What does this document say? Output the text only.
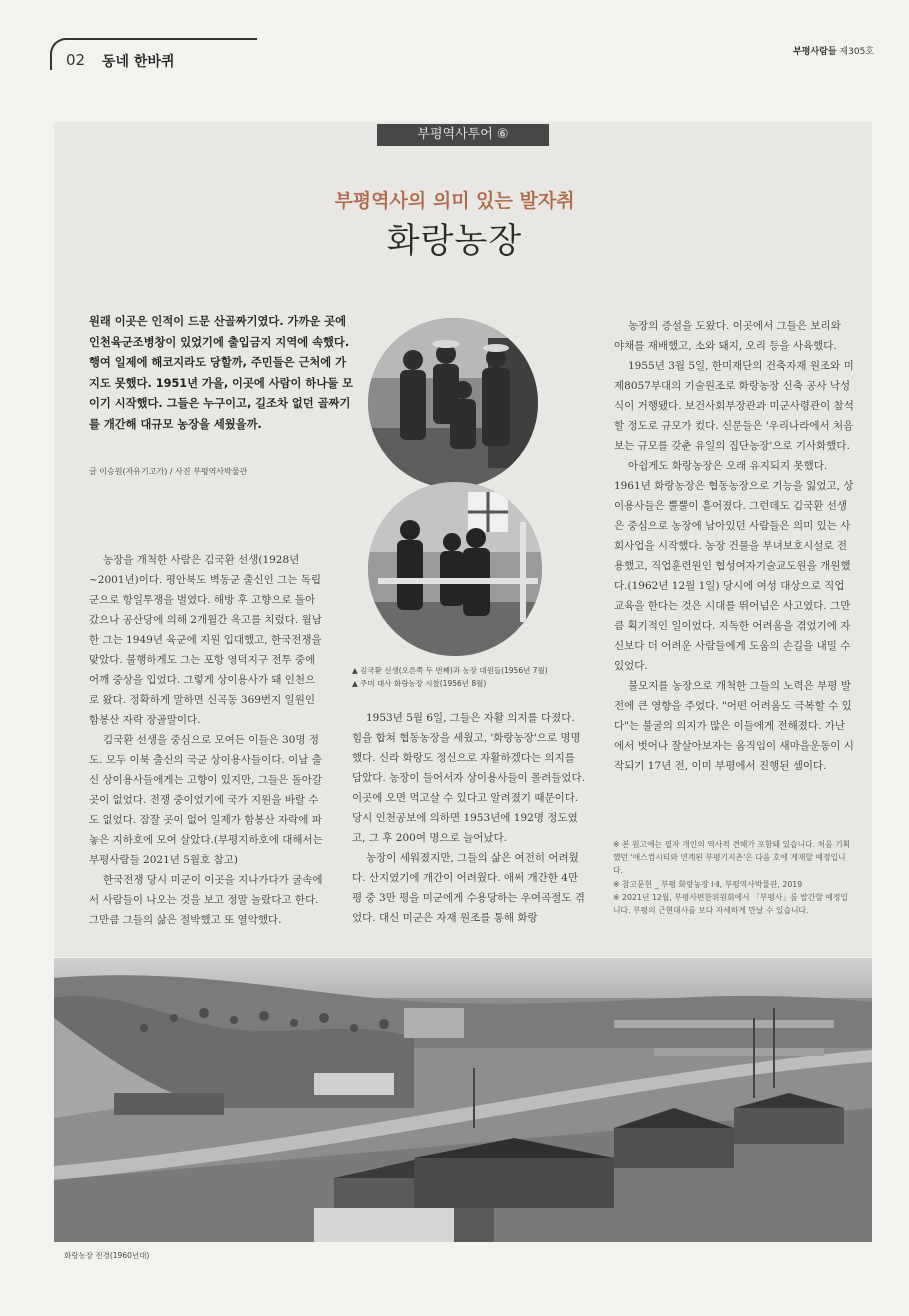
02 동네 한바퀴
부평사람들 제305호
부평역사투어 ⑥
부평역사의 의미 있는 발자취
화랑농장

원래 이곳은 인적이 드문 산골짜기였다. 가까운 곳에 인천육군조병창이 있었기에 출입금지 지역에 속했다. 행여 일제에 해코지라도 당할까, 주민들은 근처에 가지도 못했다. 1951년 가을, 이곳에 사람이 하나둘 모이기 시작했다. 그들은 누구이고, 길조차 없던 골짜기를 개간해 대규모 농장을 세웠을까.

글 이승원(자유기고가) / 사진 부평역사박물관

농장을 개척한 사람은 김국환 선생(1928년~2001년)이다. 평안북도 벽동군 출신인 그는 독립군으로 항일투쟁을 벌였다. 해방 후 고향으로 돌아갔으나 공산당에 의해 2개월간 옥고를 치렀다. 월남한 그는 1949년 육군에 지원 입대했고, 한국전쟁을 맞았다. 불행하게도 그는 포항 영덕지구 전투 중에 어깨 중상을 입었다. 그렇게 상이용사가 돼 인천으로 왔다. 정확하게 말하면 신곡동 369번지 일원인 함봉산 자락 장골말이다.

김국환 선생을 중심으로 모여든 이들은 30명 정도. 모두 이북 출신의 국군 상이용사들이다. 이남 출신 상이용사들에게는 고향이 있지만, 그들은 돌아갈 곳이 없었다. 전쟁 중이었기에 국가 지원을 바랄 수도 없었다. 잠잘 곳이 없어 일제가 함봉산 자락에 파놓은 지하호에 모여 살았다.(부평지하호에 대해서는 부평사람들 2021년 5월호 참고)

한국전쟁 당시 미군이 이곳을 지나가다가 굴속에서 사람들이 나오는 것을 보고 정말 놀랐다고 한다. 그만큼 그들의 삶은 절박했고 또 열악했다.

▲ 김국환 선생(오른쪽 두 번째)과 농장 대원들(1956년 7월)
▲ 주미 대사 화랑농장 시찰(1956년 8월)

1953년 5월 6일, 그들은 자활 의지를 다졌다. 힘을 합쳐 협동농장을 세웠고, '화랑농장'으로 명명했다. 신라 화랑도 정신으로 자활하겠다는 의지를 담았다. 농장이 들어서자 상이용사들이 몰려들었다. 이곳에 오면 먹고살 수 있다고 알려졌기 때문이다. 당시 인천공보에 의하면 1953년에 192명 정도였고, 그 후 200여 명으로 늘어났다.

농장이 세워졌지만, 그들의 삶은 여전히 어려웠다. 산지였기에 개간이 어려웠다. 애써 개간한 4만 평 중 3만 평을 미군에게 수용당하는 우여곡절도 겪었다. 대신 미군은 자재 원조를 통해 화랑

농장의 증설을 도왔다. 이곳에서 그들은 보리와 야채를 재배했고, 소와 돼지, 오리 등을 사육했다.

1955년 3월 5일, 한미재단의 건축자재 원조와 미 제8057부대의 기술원조로 화랑농장 신축 공사 낙성식이 거행됐다. 보건사회부장관과 미군사령관이 참석할 정도로 규모가 컸다. 신문들은 '우리나라에서 처음 보는 규모를 갖춘 유일의 집단농장'으로 기사화했다.

아쉽게도 화랑농장은 오래 유지되지 못했다. 1961년 화랑농장은 협동농장으로 기능을 잃었고, 상이용사들은 뿔뿔이 흩어졌다. 그런데도 김국환 선생은 중심으로 농장에 남아있던 사람들은 의미 있는 사회사업을 시작했다. 농장 건물을 부녀보호시설로 전용했고, 직업훈련원인 협성여자기술교도원을 개원했다.(1962년 12월 1일) 당시에 여성 대상으로 직업교육을 한다는 것은 시대를 뛰어넘은 사고였다. 그만큼 획기적인 일이었다. 지독한 어려움을 겪었기에 자신보다 더 어려운 사람들에게 도움의 손길을 내밀 수 있었다.

불모지를 농장으로 개척한 그들의 노력은 부평 발전에 큰 영향을 주었다. "어떤 어려움도 극복할 수 있다"는 불굴의 의지가 많은 이들에게 전해졌다. 가난에서 벗어나 잘살아보자는 움직임이 새마을운동이 시작되기 17년 전, 이미 부평에서 진행된 셈이다.

※ 본 원고에는 필자 개인의 역사적 견해가 포함돼 있습니다. 처음 기획했던 '애스컴시티와 연계된 부평기지촌'은 다음 호에 게재할 예정입니다.
※ 참고문헌 _ 부평 화랑농장 Ⅰ·Ⅱ, 부평역사박물관, 2019
※ 2021년 12월, 부평사편찬위원회에서 「부평사」를 발간할 예정입니다. 부평의 근현대사를 보다 자세하게 만날 수 있습니다.
화랑농장 전경(1960년대)
